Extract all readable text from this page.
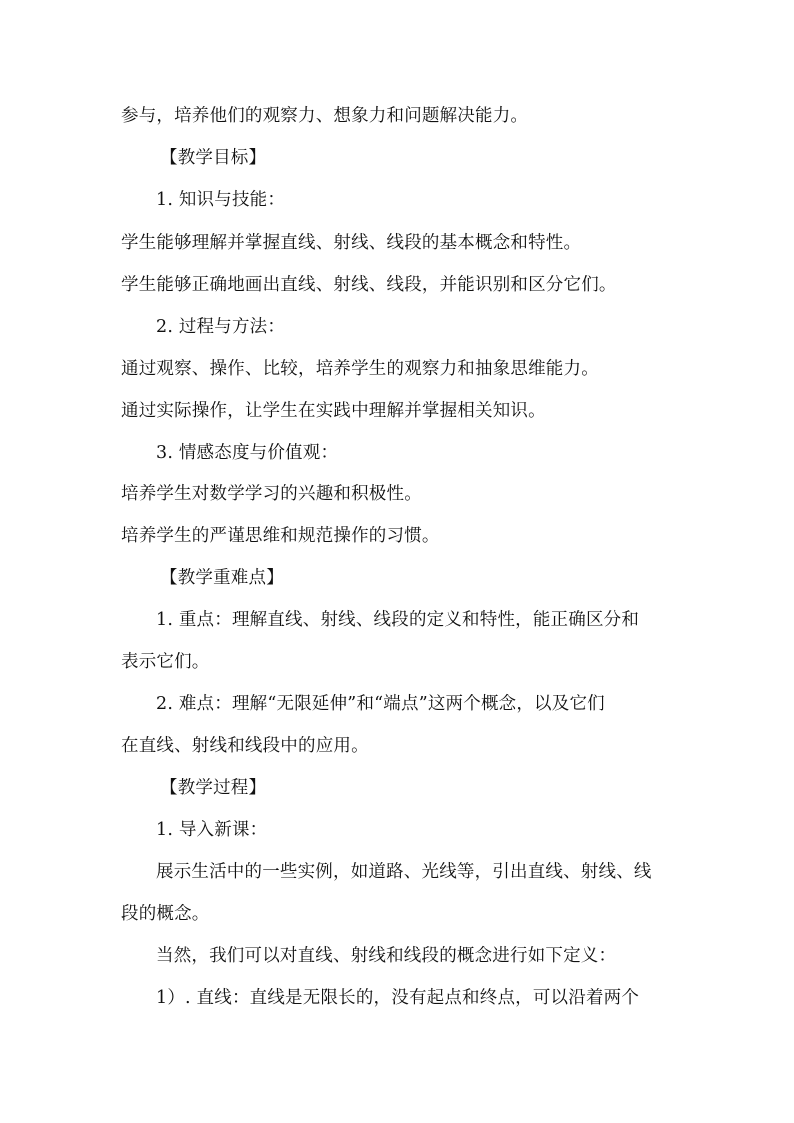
参与，培养他们的观察力、想象力和问题解决能力。
【教学目标】
1. 知识与技能：
学生能够理解并掌握直线、射线、线段的基本概念和特性。
学生能够正确地画出直线、射线、线段，并能识别和区分它们。
2. 过程与方法：
通过观察、操作、比较，培养学生的观察力和抽象思维能力。
通过实际操作，让学生在实践中理解并掌握相关知识。
3. 情感态度与价值观：
培养学生对数学学习的兴趣和积极性。
培养学生的严谨思维和规范操作的习惯。
【教学重难点】
1. 重点：理解直线、射线、线段的定义和特性，能正确区分和
表示它们。
2. 难点：理解“无限延伸”和“端点”这两个概念，以及它们
在直线、射线和线段中的应用。
【教学过程】
1. 导入新课：
展示生活中的一些实例，如道路、光线等，引出直线、射线、线
段的概念。
当然，我们可以对直线、射线和线段的概念进行如下定义：
1）. 直线：直线是无限长的，没有起点和终点，可以沿着两个
